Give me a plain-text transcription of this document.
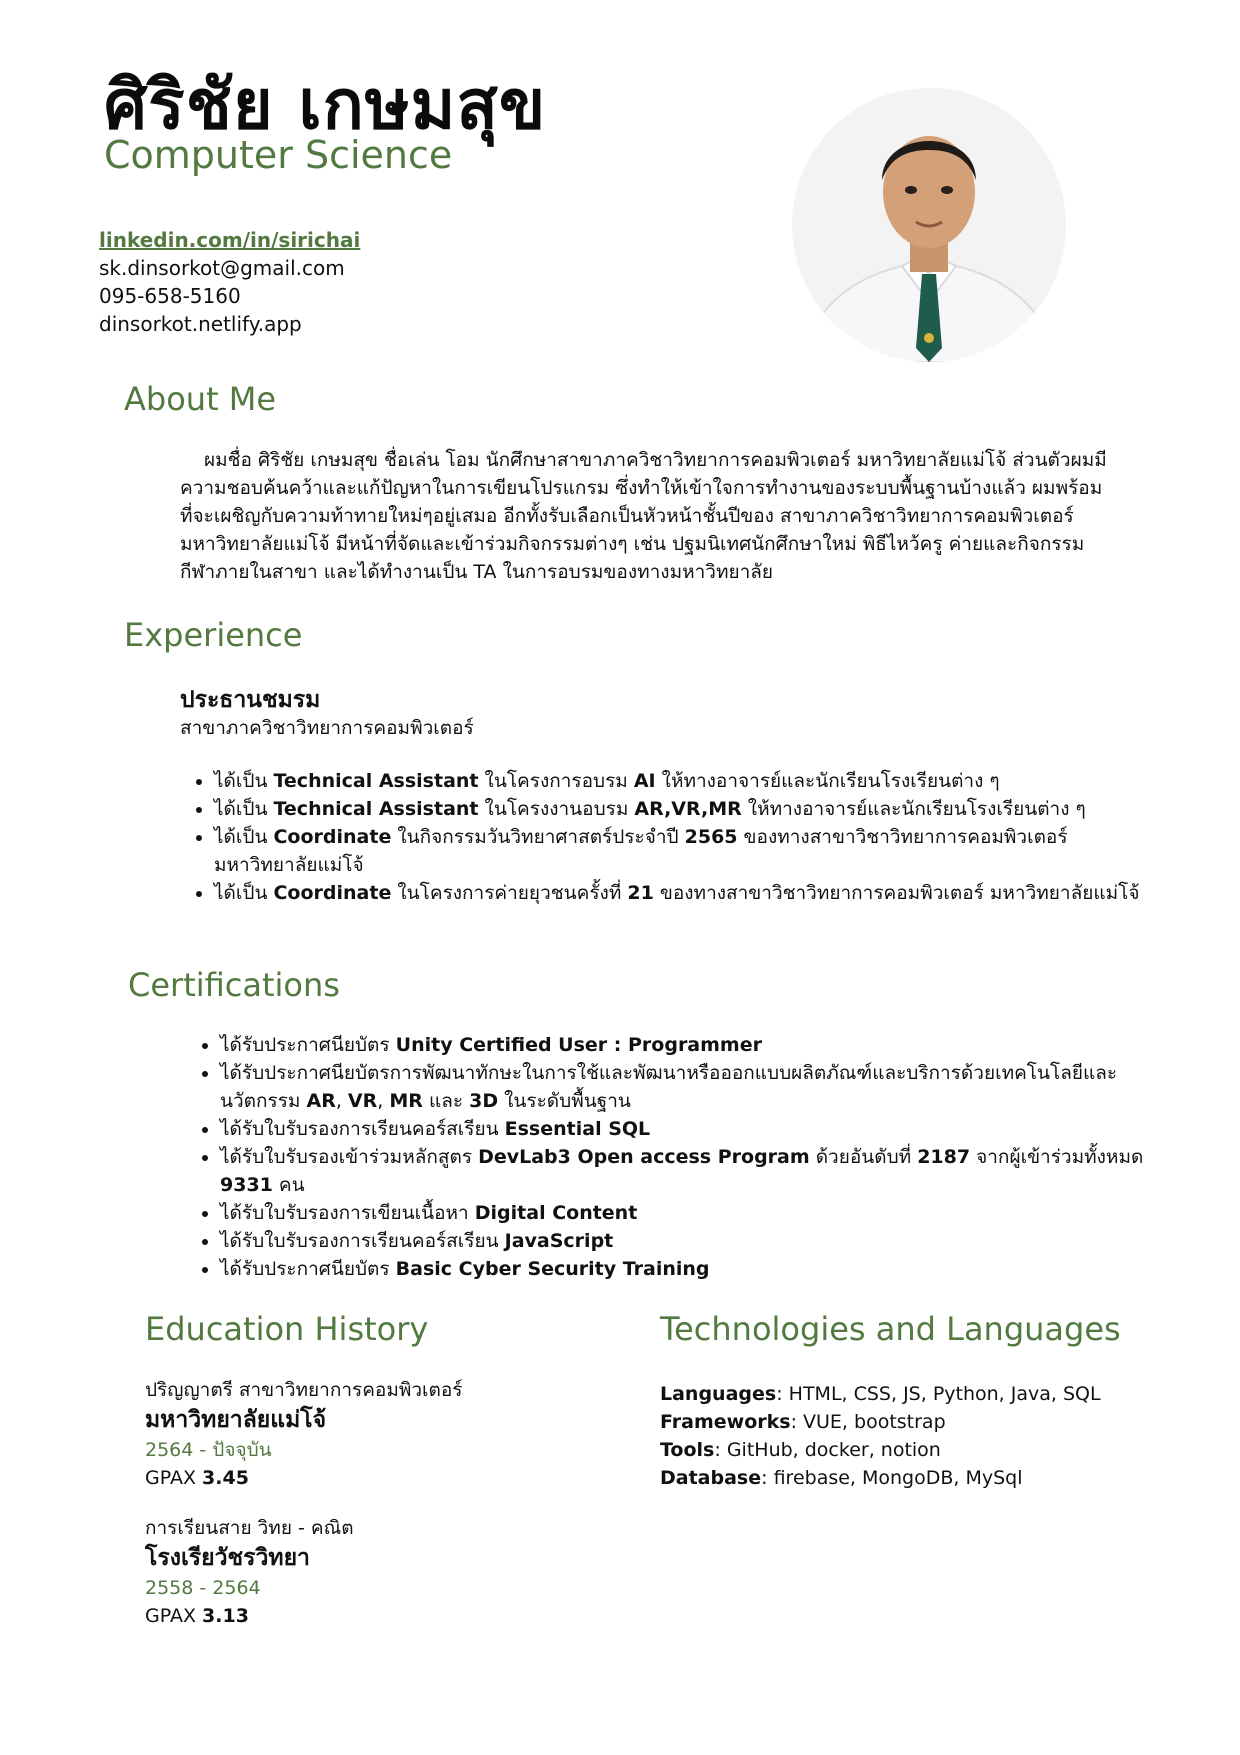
ศิริชัย เกษมสุข
Computer Science
linkedin.com/in/sirichai
sk.dinsorkot@gmail.com
095-658-5160
dinsorkot.netlify.app
About Me

ผมชื่อ ศิริชัย เกษมสุข ชื่อเล่น โอม นักศึกษาสาขาภาควิชาวิทยาการคอมพิวเตอร์ มหาวิทยาลัยแม่โจ้ ส่วนตัวผมมีความชอบค้นคว้าและแก้ปัญหาในการเขียนโปรแกรม ซึ่งทำให้เข้าใจการทำงานของระบบพื้นฐานบ้างแล้ว ผมพร้อมที่จะเผชิญกับความท้าทายใหม่ๆอยู่เสมอ อีกทั้งรับเลือกเป็นหัวหน้าชั้นปีของ สาขาภาควิชาวิทยาการคอมพิวเตอร์ มหาวิทยาลัยแม่โจ้ มีหน้าที่จัดและเข้าร่วมกิจกรรมต่างๆ เช่น ปฐมนิเทศนักศึกษาใหม่ พิธีไหว้ครู ค่ายและกิจกรรมกีฬาภายในสาขา และได้ทำงานเป็น TA ในการอบรมของทางมหาวิทยาลัย

Experience
ประธานชมรม
สาขาภาควิชาวิทยาการคอมพิวเตอร์
• ได้เป็น Technical Assistant ในโครงการอบรม AI ให้ทางอาจารย์และนักเรียนโรงเรียนต่าง ๆ
• ได้เป็น Technical Assistant ในโครงงานอบรม AR,VR,MR ให้ทางอาจารย์และนักเรียนโรงเรียนต่าง ๆ
• ได้เป็น Coordinate ในกิจกรรมวันวิทยาศาสตร์ประจำปี 2565 ของทางสาขาวิชาวิทยาการคอมพิวเตอร์ มหาวิทยาลัยแม่โจ้
• ได้เป็น Coordinate ในโครงการค่ายยุวชนครั้งที่ 21 ของทางสาขาวิชาวิทยาการคอมพิวเตอร์ มหาวิทยาลัยแม่โจ้
Certifications
• ได้รับประกาศนียบัตร Unity Certified User : Programmer
• ได้รับประกาศนียบัตรการพัฒนาทักษะในการใช้และพัฒนาหรือออกแบบผลิตภัณฑ์และบริการด้วยเทคโนโลยีและนวัตกรรม AR, VR, MR และ 3D ในระดับพื้นฐาน
• ได้รับใบรับรองการเรียนคอร์สเรียน Essential SQL
• ได้รับใบรับรองเข้าร่วมหลักสูตร DevLab3 Open access Program ด้วยอันดับที่ 2187 จากผู้เข้าร่วมทั้งหมด 9331 คน
• ได้รับใบรับรองการเขียนเนื้อหา Digital Content
• ได้รับใบรับรองการเรียนคอร์สเรียน JavaScript
• ได้รับประกาศนียบัตร Basic Cyber Security Training
Education History
ปริญญาตรี สาขาวิทยาการคอมพิวเตอร์
มหาวิทยาลัยแม่โจ้
2564 - ปัจจุบัน
GPAX 3.45
การเรียนสาย วิทย - คณิต
โรงเรียวัชรวิทยา
2558 - 2564
GPAX 3.13
Technologies and Languages
Languages: HTML, CSS, JS, Python, Java, SQL
Frameworks: VUE, bootstrap
Tools: GitHub, docker, notion
Database: firebase, MongoDB, MySql
